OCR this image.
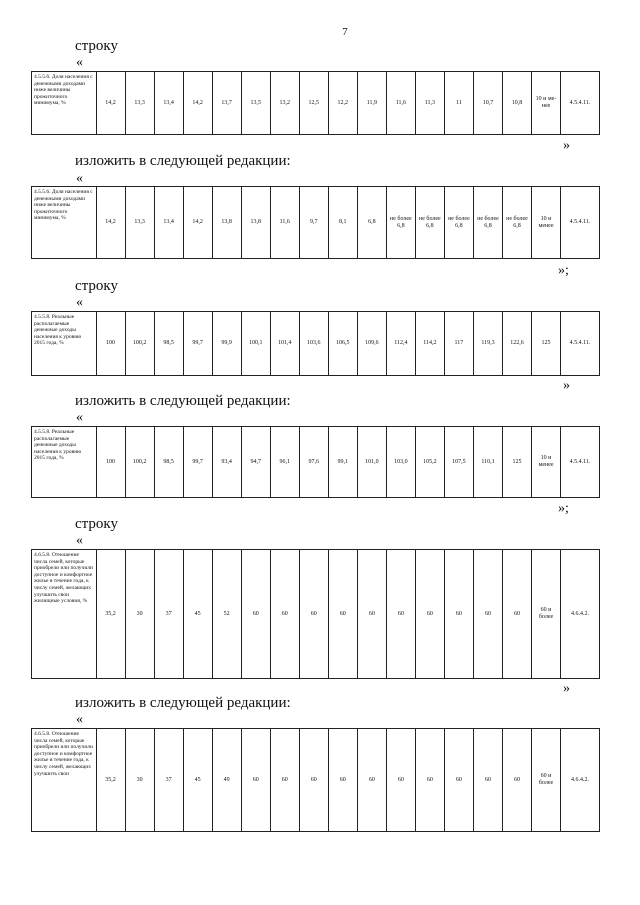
7
строку
«
4.5.5.6. Доля населения с денежными доходами ниже величины прожиточного минимума, %	14,2	13,3	13,4	14,2	13,7	13,5	13,2	12,5	12,2	11,9	11,6	11,3	11	10,7	10,8	10 и ме- нее	4.5.4.11.
»
изложить в следующей редакции:
«
4.5.5.6. Доля населения с денежными доходами ниже величины прожиточного минимума, %	14,2	13,3	13,4	14,2	13,8	13,8	11,6	9,7	8,1	6,8	не более 6,8	не более 6,8	не более 6,8	не более 6,8	не более 6,8	10 и менее	4.5.4.11.
»;
строку
«
4.5.5.8. Реальные располагаемые денежные доходы населения к уровню 2015 года, %	100	100,2	98,5	99,7	99,9	100,1	101,4	103,6	106,5	109,6	112,4	114,2	117	119,3	122,6	125	4.5.4.11.
»
изложить в следующей редакции:
«
4.5.5.8. Реальные располагаемые денежные доходы населения к уровню 2015 года, %	100	100,2	98,5	99,7	93,4	94,7	96,1	97,6	99,1	101,0	103,0	105,2	107,5	110,1	125	10 и менее	4.5.4.11.
»;
строку
«
4.6.5.8. Отношение числа семей, которые приобрели или получили доступное и комфортное жилье в течение года, к числу семей, желающих улучшить свои жилищные условия, %	35,2	30	37	45	52	60	60	60	60	60	60	60	60	60	60	60 и более	4.6.4.2.
»
изложить в следующей редакции:
«
4.6.5.8. Отношение числа семей, которые приобрели или получили доступное и комфортное жилье в течение года, к числу семей, желающих улучшить свои	35,2	30	37	45	49	60	60	60	60	60	60	60	60	60	60	60 и более	4.6.4.2.
